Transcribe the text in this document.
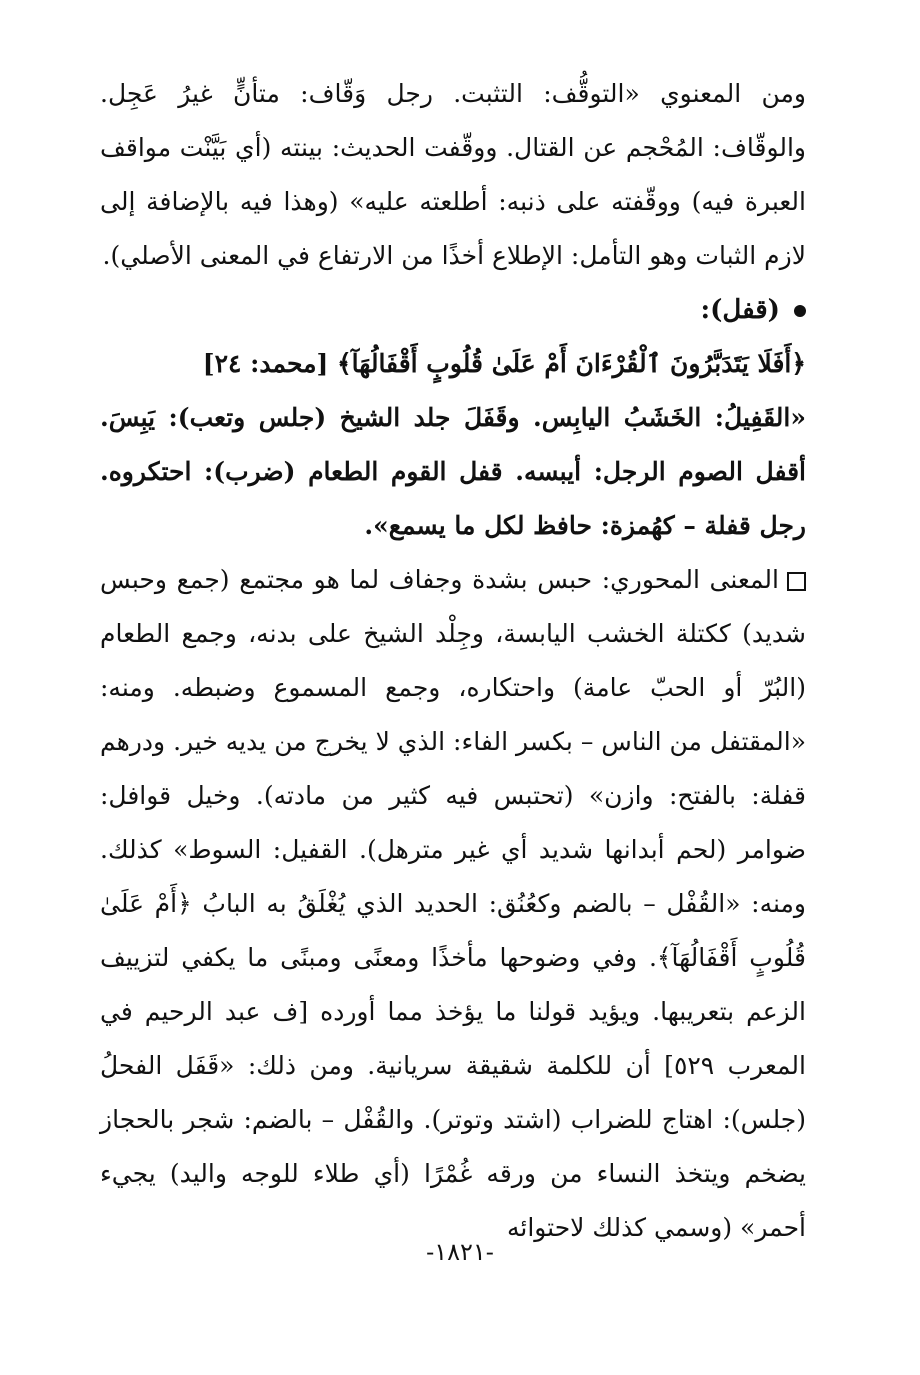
ومن المعنوي «التوقُّف: التثبت. رجل وَقّاف: متأنٍّ غيرُ عَجِل. والوقّاف: المُحْجم عن القتال. ووقّفت الحديث: بينته (أي بَيَّنْت مواقف العبرة فيه) ووقّفته على ذنبه: أطلعته عليه» (وهذا فيه بالإضافة إلى لازم الثبات وهو التأمل: الإطلاع أخذًا من الارتفاع في المعنى الأصلي).

(قفل):

﴿أَفَلَا يَتَدَبَّرُونَ ٱلْقُرْءَانَ أَمْ عَلَىٰ قُلُوبٍ أَقْفَالُهَآ﴾ [محمد: ٢٤]

«القَفِيلُ: الخَشَبُ اليابِس. وقَفَلَ جلد الشيخ (جلس وتعب): يَبِسَ. أقفل الصوم الرجل: أيبسه. قفل القوم الطعام (ضرب): احتكروه. رجل قفلة – كهُمزة: حافظ لكل ما يسمع».

المعنى المحوري: حبس بشدة وجفاف لما هو مجتمع (جمع وحبس شديد) ككتلة الخشب اليابسة، وجِلْد الشيخ على بدنه، وجمع الطعام (البُرّ أو الحبّ عامة) واحتكاره، وجمع المسموع وضبطه. ومنه: «المقتفل من الناس – بكسر الفاء: الذي لا يخرج من يديه خير. ودرهم قفلة: بالفتح: وازن» (تحتبس فيه كثير من مادته). وخيل قوافل: ضوامر (لحم أبدانها شديد أي غير مترهل). القفيل: السوط» كذلك. ومنه: «القُفْل – بالضم وكعُنُق: الحديد الذي يُغْلَقُ به البابُ ﴿أَمْ عَلَىٰ قُلُوبٍ أَقْفَالُهَآ﴾. وفي وضوحها مأخذًا ومعنًى ومبنًى ما يكفي لتزييف الزعم بتعريبها. ويؤيد قولنا ما يؤخذ مما أورده [ف عبد الرحيم في المعرب ٥٢٩] أن للكلمة شقيقة سريانية. ومن ذلك: «قَفَل الفحلُ (جلس): اهتاج للضراب (اشتد وتوتر). والقُفْل – بالضم: شجر بالحجاز يضخم ويتخذ النساء من ورقه غُمْرًا (أي طلاء للوجه واليد) يجيء أحمر» (وسمي كذلك لاحتوائه

-١٨٢١-
